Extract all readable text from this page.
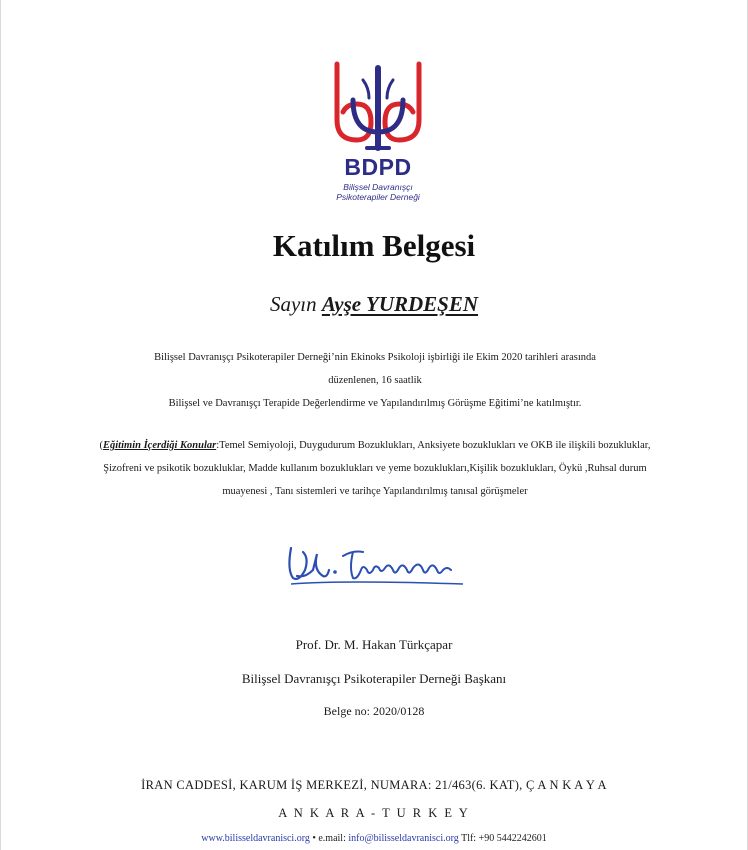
2010
BDPD
Bilişsel Davranışçı
Psikoterapiler Derneği
Katılım Belgesi
Sayın Ayşe YURDEŞEN
Bilişsel Davranışçı Psikoterapiler Derneği’nin Ekinoks Psikoloji işbirliği ile Ekim 2020 tarihleri arasında
düzenlenen, 16 saatlik
Bilişsel ve Davranışçı Terapide Değerlendirme ve Yapılandırılmış Görüşme Eğitimi’ne katılmıştır.
(Eğitimin İçerdiği Konular:Temel Semiyoloji, Duygudurum Bozuklukları, Anksiyete bozuklukları ve OKB ile ilişkili bozukluklar, Şizofreni ve psikotik bozukluklar, Madde kullanım bozuklukları ve yeme bozuklukları,Kişilik bozuklukları, Öykü ,Ruhsal durum muayenesi , Tanı sistemleri ve tarihçe Yapılandırılmış tanısal görüşmeler
Prof. Dr. M. Hakan Türkçapar
Bilişsel Davranışçı Psikoterapiler Derneği Başkanı
Belge no: 2020/0128
İRAN CADDESİ, KARUM İŞ MERKEZİ, NUMARA: 21/463(6. KAT), Ç A N K A Y A
A N K A R A - T U R K E Y
www.bilisseldavranisci.org • e.mail: info@bilisseldavranisci.org Tlf: +90 5442242601
